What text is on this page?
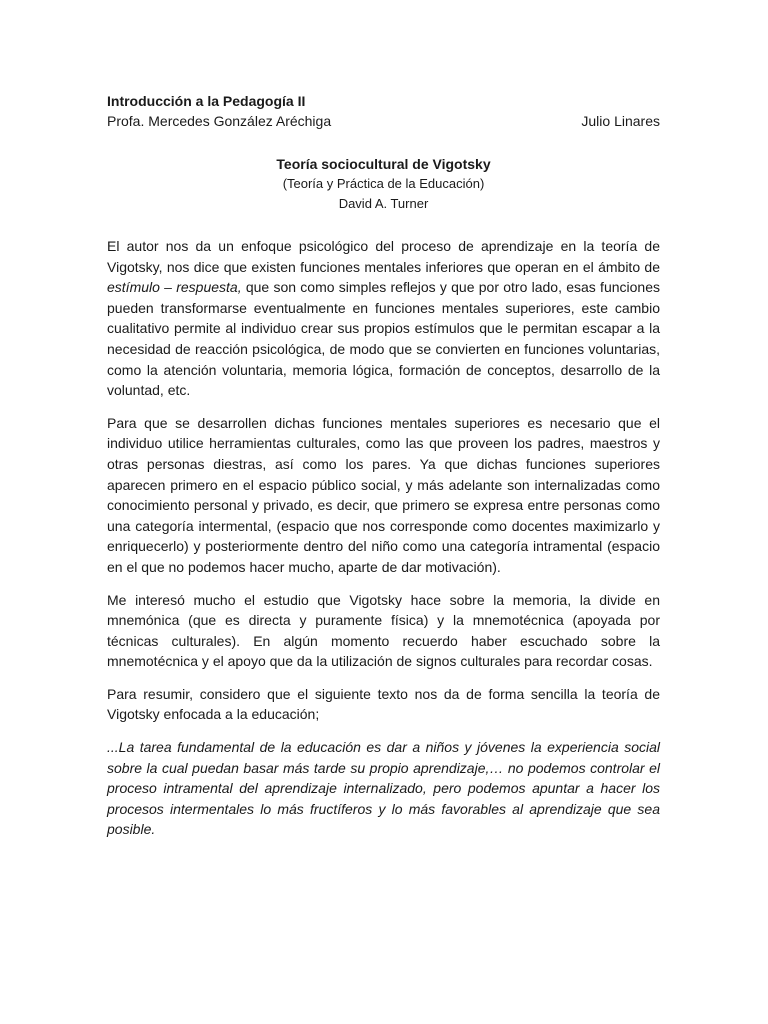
Introducción a la Pedagogía II

Profa. Mercedes González Aréchiga	Julio Linares
Teoría sociocultural de Vigotsky
(Teoría y Práctica de la Educación)
David A. Turner

El autor nos da un enfoque psicológico del proceso de aprendizaje en la teoría de Vigotsky, nos dice que existen funciones mentales inferiores que operan en el ámbito de estímulo – respuesta, que son como simples reflejos y que por otro lado, esas funciones pueden transformarse eventualmente en funciones mentales superiores, este cambio cualitativo permite al individuo crear sus propios estímulos que le permitan escapar a la necesidad de reacción psicológica, de modo que se convierten en funciones voluntarias, como la atención voluntaria, memoria lógica, formación de conceptos, desarrollo de la voluntad, etc.

Para que se desarrollen dichas funciones mentales superiores es necesario que el individuo utilice herramientas culturales, como las que proveen los padres, maestros y otras personas diestras, así como los pares. Ya que dichas funciones superiores aparecen primero en el espacio público social, y más adelante son internalizadas como conocimiento personal y privado, es decir, que primero se expresa entre personas como una categoría intermental, (espacio que nos corresponde como docentes maximizarlo y enriquecerlo) y posteriormente dentro del niño como una categoría intramental (espacio en el que no podemos hacer mucho, aparte de dar motivación).

Me interesó mucho el estudio que Vigotsky hace sobre la memoria, la divide en mnemónica (que es directa y puramente física) y la mnemotécnica (apoyada por técnicas culturales). En algún momento recuerdo haber escuchado sobre la mnemotécnica y el apoyo que da la utilización de signos culturales para recordar cosas.

Para resumir, considero que el siguiente texto nos da de forma sencilla la teoría de Vigotsky enfocada a la educación;

...La tarea fundamental de la educación es dar a niños y jóvenes la experiencia social sobre la cual puedan basar más tarde su propio aprendizaje,… no podemos controlar el proceso intramental del aprendizaje internalizado, pero podemos apuntar a hacer los procesos intermentales lo más fructíferos y lo más favorables al aprendizaje que sea posible.
